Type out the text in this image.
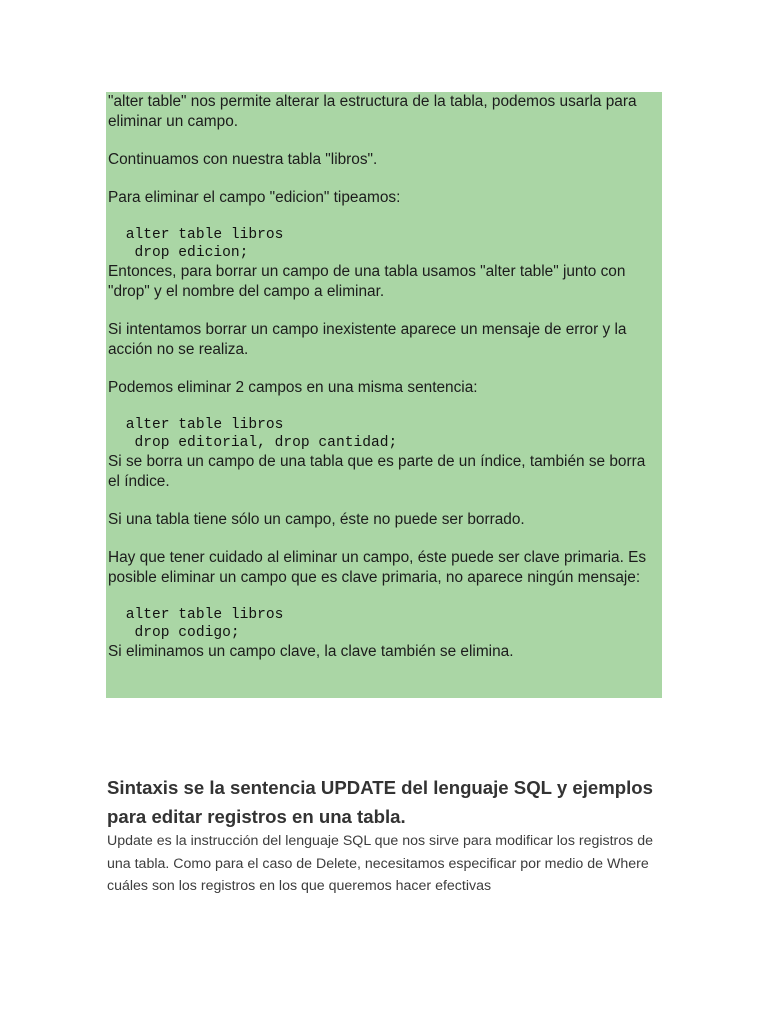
"alter table" nos permite alterar la estructura de la tabla, podemos usarla para eliminar un campo.

Continuamos con nuestra tabla "libros".

Para eliminar el campo "edicion" tipeamos:

alter table libros
drop edicion;

Entonces, para borrar un campo de una tabla usamos "alter table" junto con "drop" y el nombre del campo a eliminar.

Si intentamos borrar un campo inexistente aparece un mensaje de error y la acción no se realiza.

Podemos eliminar 2 campos en una misma sentencia:

alter table libros
drop editorial, drop cantidad;

Si se borra un campo de una tabla que es parte de un índice, también se borra el índice.

Si una tabla tiene sólo un campo, éste no puede ser borrado.

Hay que tener cuidado al eliminar un campo, éste puede ser clave primaria. Es posible eliminar un campo que es clave primaria, no aparece ningún mensaje:

alter table libros
drop codigo;

Si eliminamos un campo clave, la clave también se elimina.

Sintaxis se la sentencia UPDATE del lenguaje SQL y ejemplos para editar registros en una tabla.

Update es la instrucción del lenguaje SQL que nos sirve para modificar los registros de una tabla. Como para el caso de Delete, necesitamos especificar por medio de Where cuáles son los registros en los que queremos hacer efectivas
